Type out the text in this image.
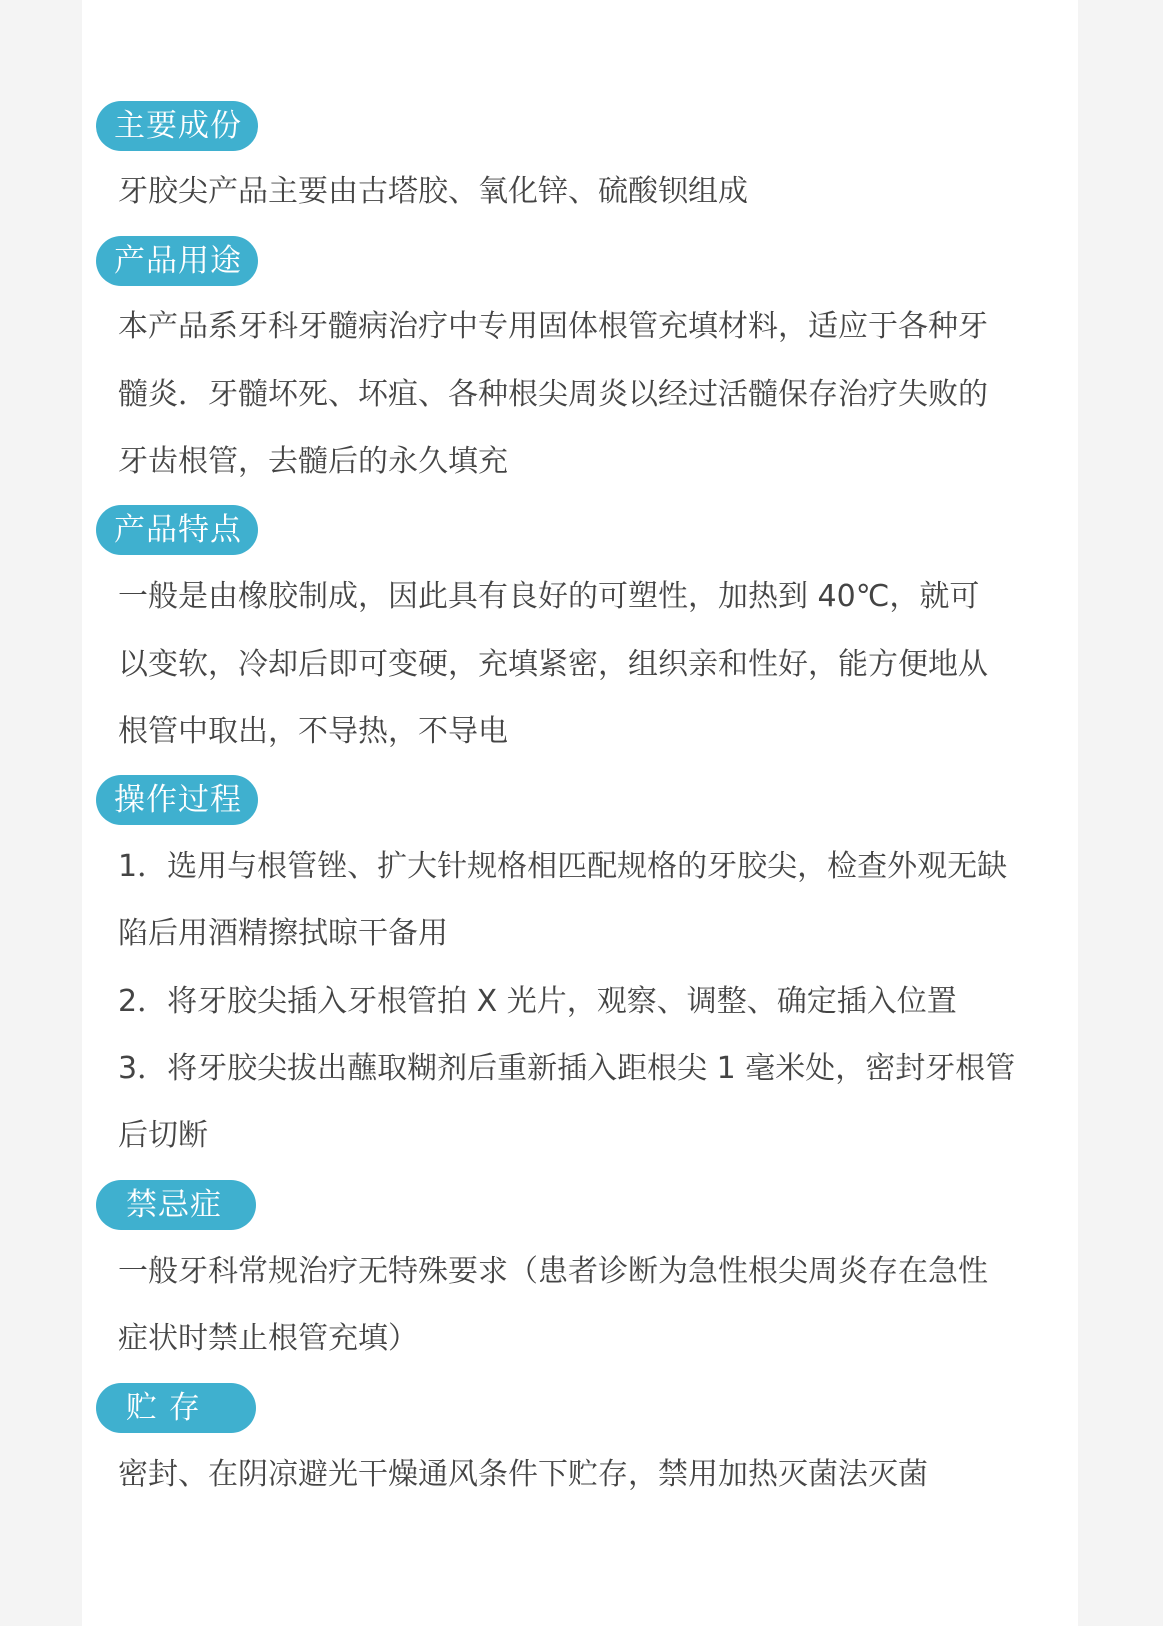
主要成份
牙胶尖产品主要由古塔胶、氧化锌、硫酸钡组成
产品用途
本产品系牙科牙髓病治疗中专用固体根管充填材料，适应于各种牙
髓炎．牙髓坏死、坏疽、各种根尖周炎以经过活髓保存治疗失败的
牙齿根管，去髓后的永久填充
产品特点
一般是由橡胶制成，因此具有良好的可塑性，加热到 40℃，就可
以变软，冷却后即可变硬，充填紧密，组织亲和性好，能方便地从
根管中取出，不导热，不导电
操作过程
1．选用与根管锉、扩大针规格相匹配规格的牙胶尖，检查外观无缺
陷后用酒精擦拭晾干备用
2．将牙胶尖插入牙根管拍 X 光片，观察、调整、确定插入位置
3．将牙胶尖拔出蘸取糊剂后重新插入距根尖 1 毫米处，密封牙根管
后切断
禁忌症
一般牙科常规治疗无特殊要求（患者诊断为急性根尖周炎存在急性
症状时禁止根管充填）
贮 存
密封、在阴凉避光干燥通风条件下贮存，禁用加热灭菌法灭菌
